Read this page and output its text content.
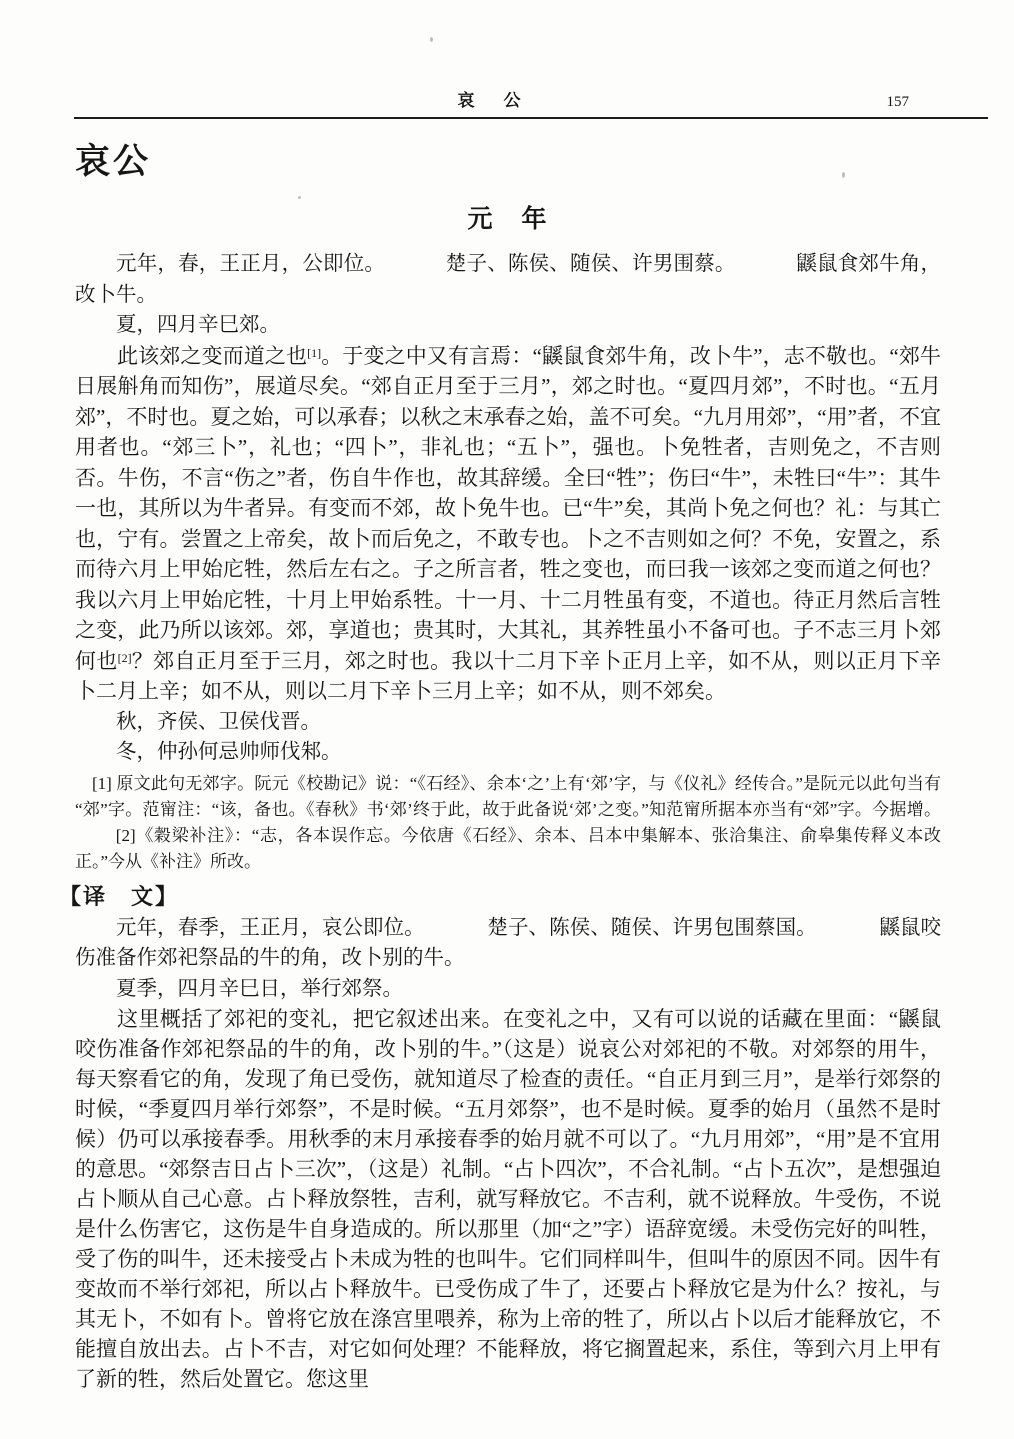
哀　公	157
哀公
元　年

元年，春，王正月，公即位。	楚子、陈侯、随侯、许男围蔡。	鼷鼠食郊牛角，改卜牛。

夏，四月辛巳郊。

此该郊之变而道之也[1]。于变之中又有言焉：“鼷鼠食郊牛角，改卜牛”，志不敬也。“郊牛日展斛角而知伤”，展道尽矣。“郊自正月至于三月”，郊之时也。“夏四月郊”，不时也。“五月郊”，不时也。夏之始，可以承春；以秋之末承春之始，盖不可矣。“九月用郊”，“用”者，不宜用者也。“郊三卜”，礼也；“四卜”，非礼也；“五卜”，强也。卜免牲者，吉则免之，不吉则否。牛伤，不言“伤之”者，伤自牛作也，故其辞缓。全曰“牲”；伤曰“牛”，未牲曰“牛”：其牛一也，其所以为牛者异。有变而不郊，故卜免牛也。已“牛”矣，其尚卜免之何也？礼：与其亡也，宁有。尝置之上帝矣，故卜而后免之，不敢专也。卜之不吉则如之何？不免，安置之，系而待六月上甲始庀牲，然后左右之。子之所言者，牲之变也，而曰我一该郊之变而道之何也？我以六月上甲始庀牲，十月上甲始系牲。十一月、十二月牲虽有变，不道也。待正月然后言牲之变，此乃所以该郊。郊，享道也；贵其时，大其礼，其养牲虽小不备可也。子不志三月卜郊何也[2]？郊自正月至于三月，郊之时也。我以十二月下辛卜正月上辛，如不从，则以正月下辛卜二月上辛；如不从，则以二月下辛卜三月上辛；如不从，则不郊矣。

秋，齐侯、卫侯伐晋。

冬，仲孙何忌帅师伐邾。

[1] 原文此句无郊字。阮元《校勘记》说：“《石经》、余本‘之’上有‘郊’字，与《仪礼》经传合。”是阮元以此句当有“郊”字。范甯注：“该，备也。《春秋》书‘郊’终于此，故于此备说‘郊’之变。”知范甯所据本亦当有“郊”字。今据增。[2]《穀梁补注》：“志，各本误作忘。今依唐《石经》、余本、吕本中集解本、张洽集注、俞皋集传释义本改正。”今从《补注》所改。

【译　文】

元年，春季，王正月，哀公即位。	楚子、陈侯、随侯、许男包围蔡国。	鼷鼠咬伤准备作郊祀祭品的牛的角，改卜别的牛。

夏季，四月辛巳日，举行郊祭。

这里概括了郊祀的变礼，把它叙述出来。在变礼之中，又有可以说的话藏在里面：“鼷鼠咬伤准备作郊祀祭品的牛的角，改卜别的牛。”（这是）说哀公对郊祀的不敬。对郊祭的用牛，每天察看它的角，发现了角已受伤，就知道尽了检查的责任。“自正月到三月”，是举行郊祭的时候，“季夏四月举行郊祭”，不是时候。“五月郊祭”，也不是时候。夏季的始月（虽然不是时候）仍可以承接春季。用秋季的末月承接春季的始月就不可以了。“九月用郊”，“用”是不宜用的意思。“郊祭吉日占卜三次”，（这是）礼制。“占卜四次”，不合礼制。“占卜五次”，是想强迫占卜顺从自己心意。占卜释放祭牲，吉利，就写释放它。不吉利，就不说释放。牛受伤，不说是什么伤害它，这伤是牛自身造成的。所以那里（加“之”字）语辞宽缓。未受伤完好的叫牲，受了伤的叫牛，还未接受占卜未成为牲的也叫牛。它们同样叫牛，但叫牛的原因不同。因牛有变故而不举行郊祀，所以占卜释放牛。已受伤成了牛了，还要占卜释放它是为什么？按礼，与其无卜，不如有卜。曾将它放在涤宫里喂养，称为上帝的牲了，所以占卜以后才能释放它，不能擅自放出去。占卜不吉，对它如何处理？不能释放，将它搁置起来，系住，等到六月上甲有了新的牲，然后处置它。您这里
